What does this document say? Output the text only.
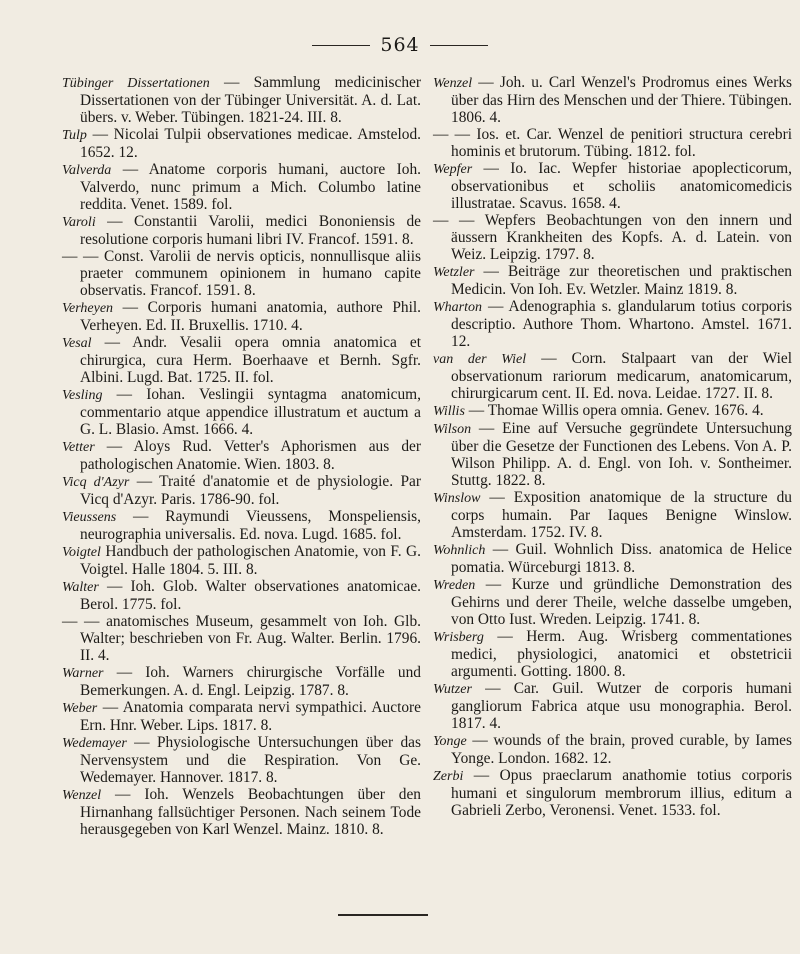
564

Tübinger Dissertationen — Sammlung medicinischer Dissertationen von der Tübinger Universität. A. d. Lat. übers. v. Weber. Tübingen. 1821-24. III. 8.

Tulp — Nicolai Tulpii observationes medicae. Amstelod. 1652. 12.

Valverda — Anatome corporis humani, auctore Ioh. Valverdo, nunc primum a Mich. Columbo latine reddita. Venet. 1589. fol.

Varoli — Constantii Varolii, medici Bononiensis de resolutione corporis humani libri IV. Francof. 1591. 8.

— — Const. Varolii de nervis opticis, nonnullisque aliis praeter communem opinionem in humano capite observatis. Francof. 1591. 8.

Verheyen — Corporis humani anatomia, authore Phil. Verheyen. Ed. II. Bruxellis. 1710. 4.

Vesal — Andr. Vesalii opera omnia anatomica et chirurgica, cura Herm. Boerhaave et Bernh. Sgfr. Albini. Lugd. Bat. 1725. II. fol.

Vesling — Iohan. Veslingii syntagma anatomicum, commentario atque appendice illustratum et auctum a G. L. Blasio. Amst. 1666. 4.

Vetter — Aloys Rud. Vetter's Aphorismen aus der pathologischen Anatomie. Wien. 1803. 8.

Vicq d'Azyr — Traité d'anatomie et de physiologie. Par Vicq d'Azyr. Paris. 1786-90. fol.

Vieussens — Raymundi Vieussens, Monspeliensis, neurographia universalis. Ed. nova. Lugd. 1685. fol.

Voigtel Handbuch der pathologischen Anatomie, von F. G. Voigtel. Halle 1804. 5. III. 8.

Walter — Ioh. Glob. Walter observationes anatomicae. Berol. 1775. fol.

— — anatomisches Museum, gesammelt von Ioh. Glb. Walter; beschrieben von Fr. Aug. Walter. Berlin. 1796. II. 4.

Warner — Ioh. Warners chirurgische Vorfälle und Bemerkungen. A. d. Engl. Leipzig. 1787. 8.

Weber — Anatomia comparata nervi sympathici. Auctore Ern. Hnr. Weber. Lips. 1817. 8.

Wedemayer — Physiologische Untersuchungen über das Nervensystem und die Respiration. Von Ge. Wedemayer. Hannover. 1817. 8.

Wenzel — Ioh. Wenzels Beobachtungen über den Hirnanhang fallsüchtiger Personen. Nach seinem Tode herausgegeben von Karl Wenzel. Mainz. 1810. 8.

Wenzel — Joh. u. Carl Wenzel's Prodromus eines Werks über das Hirn des Menschen und der Thiere. Tübingen. 1806. 4.

— — Ios. et. Car. Wenzel de penitiori structura cerebri hominis et brutorum. Tübing. 1812. fol.

Wepfer — Io. Iac. Wepfer historiae apoplecticorum, observationibus et scholiis anatomicomedicis illustratae. Scavus. 1658. 4.

— — Wepfers Beobachtungen von den innern und äussern Krankheiten des Kopfs. A. d. Latein. von Weiz. Leipzig. 1797. 8.

Wetzler — Beiträge zur theoretischen und praktischen Medicin. Von Ioh. Ev. Wetzler. Mainz 1819. 8.

Wharton — Adenographia s. glandularum totius corporis descriptio. Authore Thom. Whartono. Amstel. 1671. 12.

van der Wiel — Corn. Stalpaart van der Wiel observationum rariorum medicarum, anatomicarum, chirurgicarum cent. II. Ed. nova. Leidae. 1727. II. 8.

Willis — Thomae Willis opera omnia. Genev. 1676. 4.

Wilson — Eine auf Versuche gegründete Untersuchung über die Gesetze der Functionen des Lebens. Von A. P. Wilson Philipp. A. d. Engl. von Ioh. v. Sontheimer. Stuttg. 1822. 8.

Winslow — Exposition anatomique de la structure du corps humain. Par Iaques Benigne Winslow. Amsterdam. 1752. IV. 8.

Wohnlich — Guil. Wohnlich Diss. anatomica de Helice pomatia. Würceburgi 1813. 8.

Wreden — Kurze und gründliche Demonstration des Gehirns und derer Theile, welche dasselbe umgeben, von Otto Iust. Wreden. Leipzig. 1741. 8.

Wrisberg — Herm. Aug. Wrisberg commentationes medici, physiologici, anatomici et obstetricii argumenti. Gotting. 1800. 8.

Wutzer — Car. Guil. Wutzer de corporis humani gangliorum Fabrica atque usu monographia. Berol. 1817. 4.

Yonge — wounds of the brain, proved curable, by Iames Yonge. London. 1682. 12.

Zerbi — Opus praeclarum anathomie totius corporis humani et singulorum membrorum illius, editum a Gabrieli Zerbo, Veronensi. Venet. 1533. fol.
